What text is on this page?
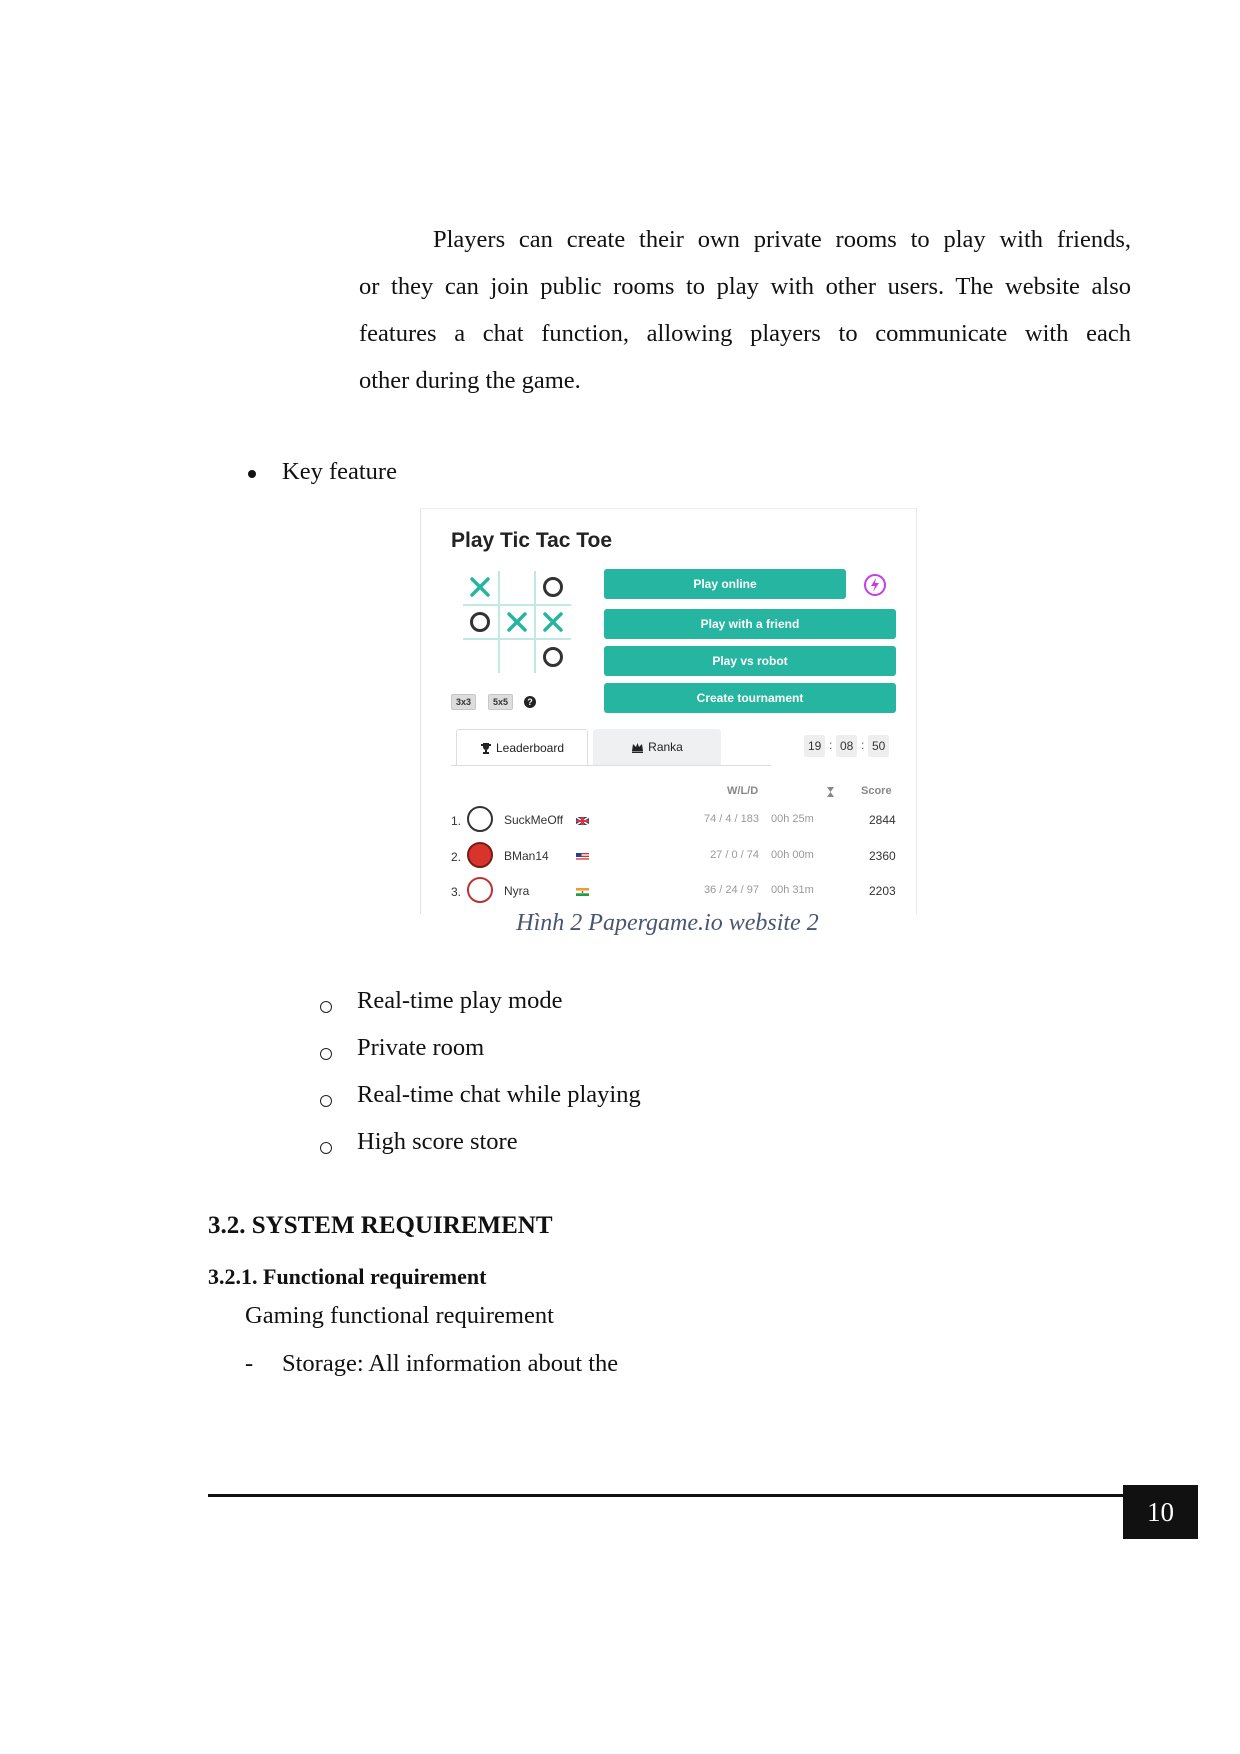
Players can create their own private rooms to play with friends,
or they can join public rooms to play with other users. The website also
features a chat function, allowing players to communicate with each
other during the game.
Key feature
Play Tic Tac Toe
Play online
Play with a friend
Play vs robot
Create tournament
3x3	5x5	?
Leaderboard	Ranka	19 : 08 : 50
W/L/D	Score
1.	SuckMeOff	74 / 4 / 183 00h 25m	2844
2.	BMan14	27 / 0 / 74 00h 00m	2360
3.	Nyra	36 / 24 / 97 00h 31m	2203
Hình 2 Papergame.io website 2
Real-time play mode
Private room
Real-time chat while playing
High score store
3.2. SYSTEM REQUIREMENT
3.2.1. Functional requirement
Gaming functional requirement
- Storage: All information about the
10
